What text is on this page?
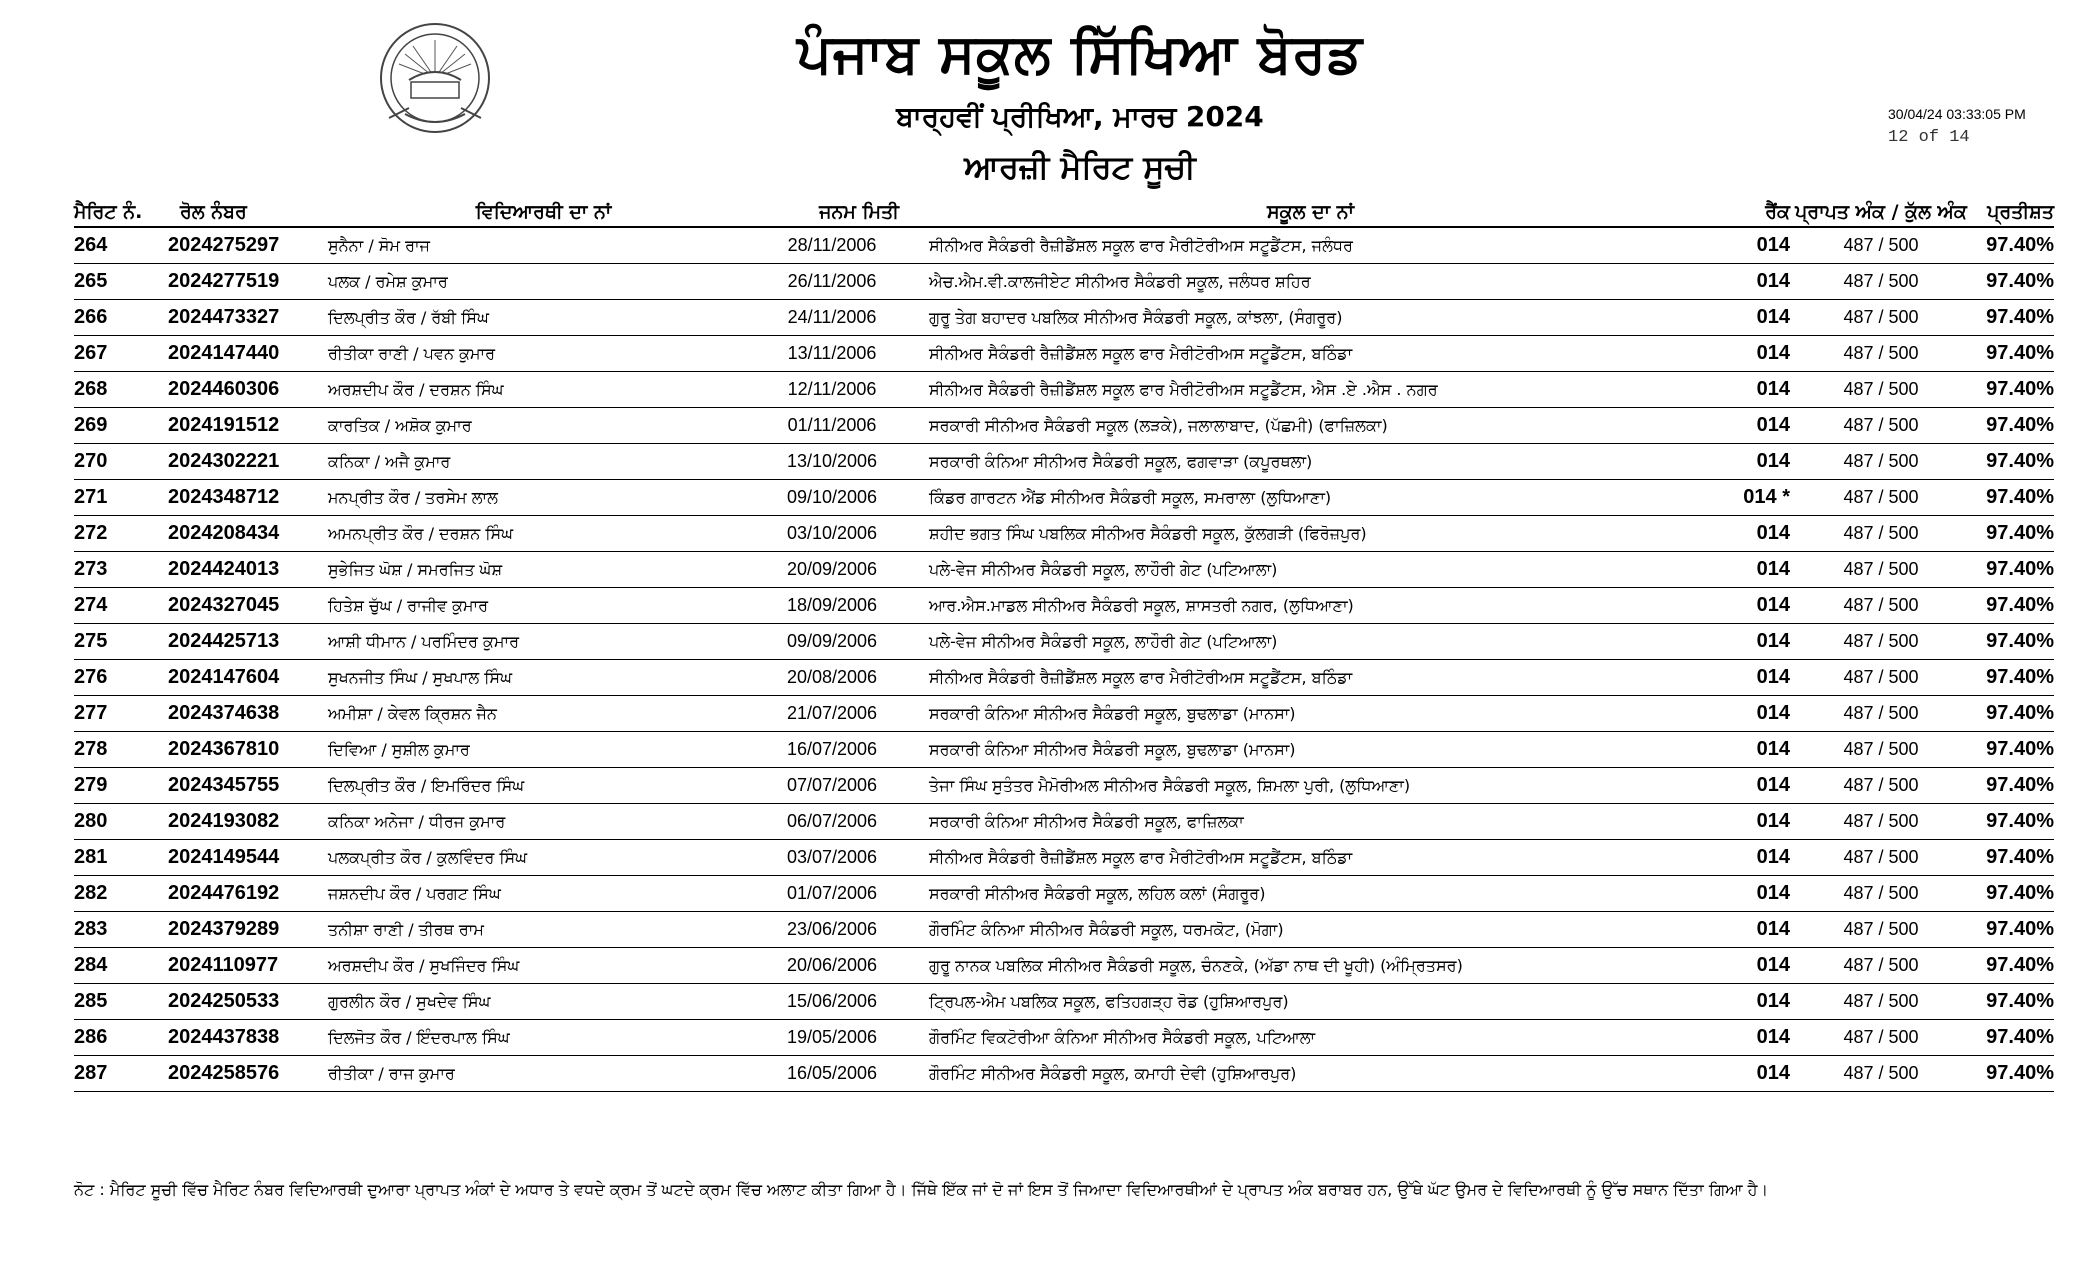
ਪੰਜਾਬ ਸਕੂਲ ਸਿੱਖਿਆ ਬੋਰਡ
ਬਾਰ੍ਹਵੀਂ ਪ੍ਰੀਖਿਆ, ਮਾਰਚ 2024
ਆਰਜ਼ੀ ਮੈਰਿਟ ਸੂਚੀ
30/04/24 03:33:05 PM
12 of 14
ਮੈਰਿਟ ਨੰ.	ਰੋਲ ਨੰਬਰ	ਵਿਦਿਆਰਥੀ ਦਾ ਨਾਂ	ਜਨਮ ਮਿਤੀ	ਸਕੂਲ ਦਾ ਨਾਂ	ਰੈਂਕ	ਪ੍ਰਾਪਤ ਅੰਕ / ਕੁੱਲ ਅੰਕ	ਪ੍ਰਤੀਸ਼ਤ
264	2024275297	ਸੁਨੈਨਾ / ਸੋਮ ਰਾਜ	28/11/2006	ਸੀਨੀਅਰ ਸੈਕੰਡਰੀ ਰੈਜ਼ੀਡੈਂਸ਼ਲ ਸਕੂਲ ਫਾਰ ਮੈਰੀਟੋਰੀਅਸ ਸਟੂਡੈਂਟਸ, ਜਲੰਧਰ	014	487 / 500	97.40%
265	2024277519	ਪਲਕ / ਰਮੇਸ਼ ਕੁਮਾਰ	26/11/2006	ਐਚ.ਐਮ.ਵੀ.ਕਾਲਜੀਏਟ ਸੀਨੀਅਰ ਸੈਕੰਡਰੀ ਸਕੂਲ, ਜਲੰਧਰ ਸ਼ਹਿਰ	014	487 / 500	97.40%
266	2024473327	ਦਿਲਪ੍ਰੀਤ ਕੌਰ / ਰੱਬੀ ਸਿੰਘ	24/11/2006	ਗੁਰੂ ਤੇਗ ਬਹਾਦਰ ਪਬਲਿਕ ਸੀਨੀਅਰ ਸੈਕੰਡਰੀ ਸਕੂਲ, ਕਾਂਝਲਾ, (ਸੰਗਰੂਰ)	014	487 / 500	97.40%
267	2024147440	ਰੀਤੀਕਾ ਰਾਣੀ / ਪਵਨ ਕੁਮਾਰ	13/11/2006	ਸੀਨੀਅਰ ਸੈਕੰਡਰੀ ਰੈਜ਼ੀਡੈਂਸ਼ਲ ਸਕੂਲ ਫਾਰ ਮੈਰੀਟੋਰੀਅਸ ਸਟੂਡੈਂਟਸ, ਬਠਿੰਡਾ	014	487 / 500	97.40%
268	2024460306	ਅਰਸ਼ਦੀਪ ਕੌਰ / ਦਰਸ਼ਨ ਸਿੰਘ	12/11/2006	ਸੀਨੀਅਰ ਸੈਕੰਡਰੀ ਰੈਜ਼ੀਡੈਂਸ਼ਲ ਸਕੂਲ ਫਾਰ ਮੈਰੀਟੋਰੀਅਸ ਸਟੂਡੈਂਟਸ, ਐਸ .ਏ .ਐਸ . ਨਗਰ	014	487 / 500	97.40%
269	2024191512	ਕਾਰਤਿਕ / ਅਸ਼ੋਕ ਕੁਮਾਰ	01/11/2006	ਸਰਕਾਰੀ ਸੀਨੀਅਰ ਸੈਕੰਡਰੀ ਸਕੂਲ (ਲੜਕੇ), ਜਲਾਲਾਬਾਦ, (ਪੱਛਮੀ) (ਫਾਜ਼ਿਲਕਾ)	014	487 / 500	97.40%
270	2024302221	ਕਨਿਕਾ / ਅਜੈ ਕੁਮਾਰ	13/10/2006	ਸਰਕਾਰੀ ਕੰਨਿਆ ਸੀਨੀਅਰ ਸੈਕੰਡਰੀ ਸਕੂਲ, ਫਗਵਾੜਾ (ਕਪੂਰਥਲਾ)	014	487 / 500	97.40%
271	2024348712	ਮਨਪ੍ਰੀਤ ਕੌਰ / ਤਰਸੇਮ ਲਾਲ	09/10/2006	ਕਿੰਡਰ ਗਾਰਟਨ ਐਂਡ ਸੀਨੀਅਰ ਸੈਕੰਡਰੀ ਸਕੂਲ, ਸਮਰਾਲਾ (ਲੁਧਿਆਣਾ)	014 *	487 / 500	97.40%
272	2024208434	ਅਮਨਪ੍ਰੀਤ ਕੌਰ / ਦਰਸ਼ਨ ਸਿੰਘ	03/10/2006	ਸ਼ਹੀਦ ਭਗਤ ਸਿੰਘ ਪਬਲਿਕ ਸੀਨੀਅਰ ਸੈਕੰਡਰੀ ਸਕੂਲ, ਕੁੱਲਗੜੀ (ਫਿਰੋਜ਼ਪੁਰ)	014	487 / 500	97.40%
273	2024424013	ਸੁਭੇਜਿਤ ਘੋਸ਼ / ਸਮਰਜਿਤ ਘੋਸ਼	20/09/2006	ਪਲੇ-ਵੇਜ ਸੀਨੀਅਰ ਸੈਕੰਡਰੀ ਸਕੂਲ, ਲਾਹੌਰੀ ਗੇਟ (ਪਟਿਆਲਾ)	014	487 / 500	97.40%
274	2024327045	ਹਿਤੇਸ਼ ਚੁੱਘ / ਰਾਜੀਵ ਕੁਮਾਰ	18/09/2006	ਆਰ.ਐਸ.ਮਾਡਲ ਸੀਨੀਅਰ ਸੈਕੰਡਰੀ ਸਕੂਲ, ਸ਼ਾਸਤਰੀ ਨਗਰ, (ਲੁਧਿਆਣਾ)	014	487 / 500	97.40%
275	2024425713	ਆਸ਼ੀ ਧੀਮਾਨ / ਪਰਮਿੰਦਰ ਕੁਮਾਰ	09/09/2006	ਪਲੇ-ਵੇਜ ਸੀਨੀਅਰ ਸੈਕੰਡਰੀ ਸਕੂਲ, ਲਾਹੌਰੀ ਗੇਟ (ਪਟਿਆਲਾ)	014	487 / 500	97.40%
276	2024147604	ਸੁਖਨਜੀਤ ਸਿੰਘ / ਸੁਖਪਾਲ ਸਿੰਘ	20/08/2006	ਸੀਨੀਅਰ ਸੈਕੰਡਰੀ ਰੈਜ਼ੀਡੈਂਸ਼ਲ ਸਕੂਲ ਫਾਰ ਮੈਰੀਟੋਰੀਅਸ ਸਟੂਡੈਂਟਸ, ਬਠਿੰਡਾ	014	487 / 500	97.40%
277	2024374638	ਅਮੀਸ਼ਾ / ਕੇਵਲ ਕ੍ਰਿਸ਼ਨ ਜੈਨ	21/07/2006	ਸਰਕਾਰੀ ਕੰਨਿਆ ਸੀਨੀਅਰ ਸੈਕੰਡਰੀ ਸਕੂਲ, ਬੁਢਲਾਡਾ (ਮਾਨਸਾ)	014	487 / 500	97.40%
278	2024367810	ਦਿਵਿਆ / ਸੁਸ਼ੀਲ ਕੁਮਾਰ	16/07/2006	ਸਰਕਾਰੀ ਕੰਨਿਆ ਸੀਨੀਅਰ ਸੈਕੰਡਰੀ ਸਕੂਲ, ਬੁਢਲਾਡਾ (ਮਾਨਸਾ)	014	487 / 500	97.40%
279	2024345755	ਦਿਲਪ੍ਰੀਤ ਕੌਰ / ਇਮਰਿੰਦਰ ਸਿੰਘ	07/07/2006	ਤੇਜਾ ਸਿੰਘ ਸੁਤੰਤਰ ਮੈਮੋਰੀਅਲ ਸੀਨੀਅਰ ਸੈਕੰਡਰੀ ਸਕੂਲ, ਸ਼ਿਮਲਾ ਪੁਰੀ, (ਲੁਧਿਆਣਾ)	014	487 / 500	97.40%
280	2024193082	ਕਨਿਕਾ ਅਨੇਜਾ / ਧੀਰਜ ਕੁਮਾਰ	06/07/2006	ਸਰਕਾਰੀ ਕੰਨਿਆ ਸੀਨੀਅਰ ਸੈਕੰਡਰੀ ਸਕੂਲ, ਫਾਜ਼ਿਲਕਾ	014	487 / 500	97.40%
281	2024149544	ਪਲਕਪ੍ਰੀਤ ਕੌਰ / ਕੁਲਵਿੰਦਰ ਸਿੰਘ	03/07/2006	ਸੀਨੀਅਰ ਸੈਕੰਡਰੀ ਰੈਜ਼ੀਡੈਂਸ਼ਲ ਸਕੂਲ ਫਾਰ ਮੈਰੀਟੋਰੀਅਸ ਸਟੂਡੈਂਟਸ, ਬਠਿੰਡਾ	014	487 / 500	97.40%
282	2024476192	ਜਸ਼ਨਦੀਪ ਕੌਰ / ਪਰਗਟ ਸਿੰਘ	01/07/2006	ਸਰਕਾਰੀ ਸੀਨੀਅਰ ਸੈਕੰਡਰੀ ਸਕੂਲ, ਲਹਿਲ ਕਲਾਂ (ਸੰਗਰੂਰ)	014	487 / 500	97.40%
283	2024379289	ਤਨੀਸ਼ਾ ਰਾਣੀ / ਤੀਰਥ ਰਾਮ	23/06/2006	ਗੌਰਮਿੰਟ ਕੰਨਿਆ ਸੀਨੀਅਰ ਸੈਕੰਡਰੀ ਸਕੂਲ, ਧਰਮਕੋਟ, (ਮੋਗਾ)	014	487 / 500	97.40%
284	2024110977	ਅਰਸ਼ਦੀਪ ਕੌਰ / ਸੁਖਜਿੰਦਰ ਸਿੰਘ	20/06/2006	ਗੁਰੂ ਨਾਨਕ ਪਬਲਿਕ ਸੀਨੀਅਰ ਸੈਕੰਡਰੀ ਸਕੂਲ, ਚੰਨਣਕੇ, (ਅੱਡਾ ਨਾਥ ਦੀ ਖੂਹੀ) (ਅੰਮ੍ਰਿਤਸਰ)	014	487 / 500	97.40%
285	2024250533	ਗੁਰਲੀਨ ਕੌਰ / ਸੁਖਦੇਵ ਸਿੰਘ	15/06/2006	ਟ੍ਰਿਪਲ-ਐਮ ਪਬਲਿਕ ਸਕੂਲ, ਫਤਿਹਗੜ੍ਹ ਰੋਡ (ਹੁਸ਼ਿਆਰਪੁਰ)	014	487 / 500	97.40%
286	2024437838	ਦਿਲਜੋਤ ਕੌਰ / ਇੰਦਰਪਾਲ ਸਿੰਘ	19/05/2006	ਗੌਰਮਿੰਟ ਵਿਕਟੋਰੀਆ ਕੰਨਿਆ ਸੀਨੀਅਰ ਸੈਕੰਡਰੀ ਸਕੂਲ, ਪਟਿਆਲਾ	014	487 / 500	97.40%
287	2024258576	ਰੀਤੀਕਾ / ਰਾਜ ਕੁਮਾਰ	16/05/2006	ਗੌਰਮਿੰਟ ਸੀਨੀਅਰ ਸੈਕੰਡਰੀ ਸਕੂਲ, ਕਮਾਹੀ ਦੇਵੀ (ਹੁਸ਼ਿਆਰਪੁਰ)	014	487 / 500	97.40%
ਨੋਟ : ਮੈਰਿਟ ਸੂਚੀ ਵਿੱਚ ਮੈਰਿਟ ਨੰਬਰ ਵਿਦਿਆਰਥੀ ਦੁਆਰਾ ਪ੍ਰਾਪਤ ਅੰਕਾਂ ਦੇ ਅਧਾਰ ਤੇ ਵਧਦੇ ਕ੍ਰਮ ਤੋਂ ਘਟਦੇ ਕ੍ਰਮ ਵਿੱਚ ਅਲਾਟ ਕੀਤਾ ਗਿਆ ਹੈ। ਜਿੱਥੇ ਇੱਕ ਜਾਂ ਦੋ ਜਾਂ ਇਸ ਤੋਂ ਜਿਆਦਾ ਵਿਦਿਆਰਥੀਆਂ ਦੇ ਪ੍ਰਾਪਤ ਅੰਕ ਬਰਾਬਰ ਹਨ, ਉੱਥੇ ਘੱਟ ਉਮਰ ਦੇ ਵਿਦਿਆਰਥੀ ਨੂੰ ਉੱਚ ਸਥਾਨ ਦਿੱਤਾ ਗਿਆ ਹੈ।
